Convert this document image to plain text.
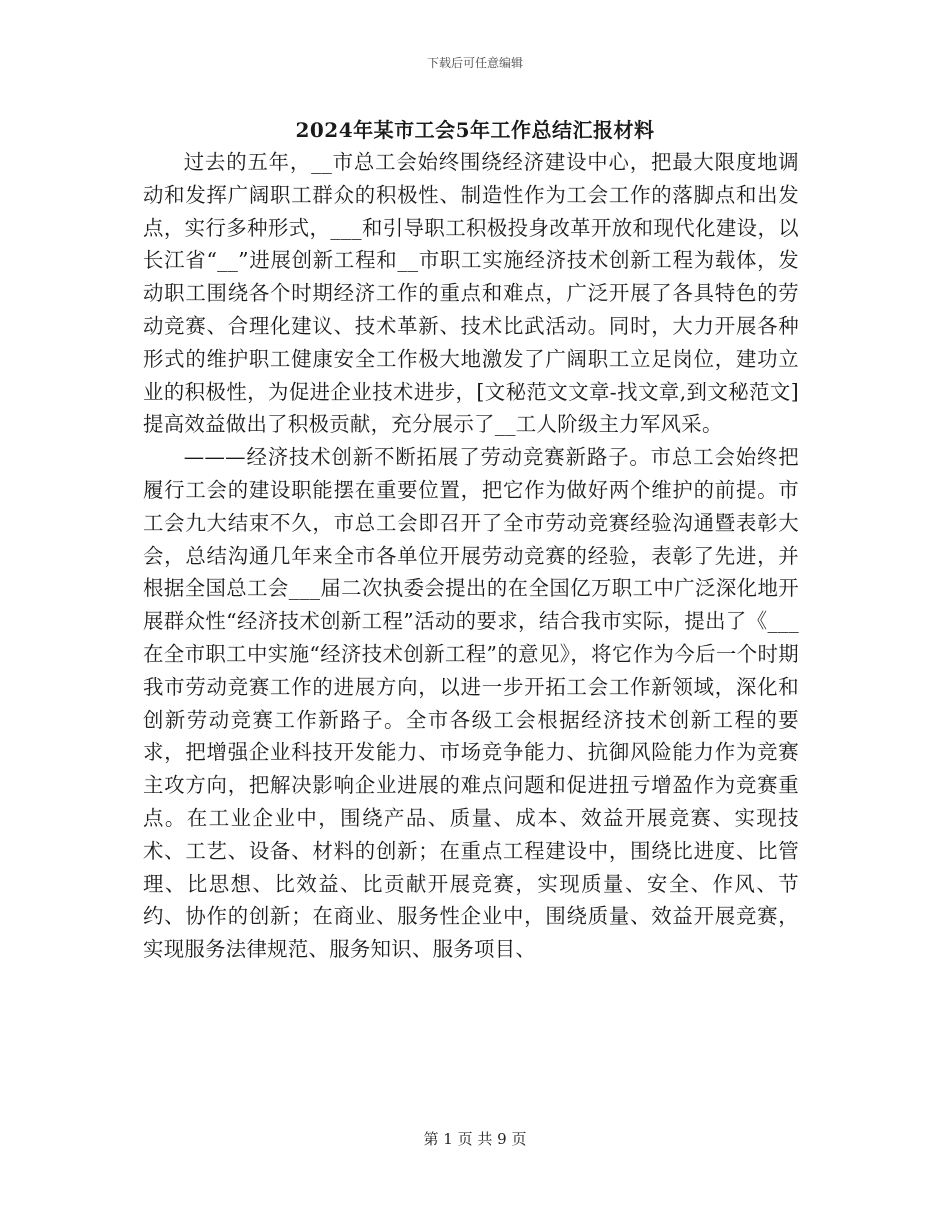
下载后可任意编辑
2024年某市工会5年工作总结汇报材料

过去的五年，__市总工会始终围绕经济建设中心，把最大限度地调动和发挥广阔职工群众的积极性、制造性作为工会工作的落脚点和出发点，实行多种形式，___和引导职工积极投身改革开放和现代化建设，以长江省“__”进展创新工程和__市职工实施经济技术创新工程为载体，发动职工围绕各个时期经济工作的重点和难点，广泛开展了各具特色的劳动竞赛、合理化建议、技术革新、技术比武活动。同时，大力开展各种形式的维护职工健康安全工作极大地激发了广阔职工立足岗位，建功立业的积极性，为促进企业技术进步，[文秘范文文章-找文章,到文秘范文]提高效益做出了积极贡献，充分展示了__工人阶级主力军风采。

———经济技术创新不断拓展了劳动竞赛新路子。市总工会始终把履行工会的建设职能摆在重要位置，把它作为做好两个维护的前提。市工会九大结束不久，市总工会即召开了全市劳动竞赛经验沟通暨表彰大会，总结沟通几年来全市各单位开展劳动竞赛的经验，表彰了先进，并根据全国总工会___届二次执委会提出的在全国亿万职工中广泛深化地开展群众性“经济技术创新工程”活动的要求，结合我市实际，提出了《___在全市职工中实施“经济技术创新工程”的意见》，将它作为今后一个时期我市劳动竞赛工作的进展方向，以进一步开拓工会工作新领域，深化和创新劳动竞赛工作新路子。全市各级工会根据经济技术创新工程的要求，把增强企业科技开发能力、市场竞争能力、抗御风险能力作为竞赛主攻方向，把解决影响企业进展的难点问题和促进扭亏增盈作为竞赛重点。在工业企业中，围绕产品、质量、成本、效益开展竞赛、实现技术、工艺、设备、材料的创新；在重点工程建设中，围绕比进度、比管理、比思想、比效益、比贡献开展竞赛，实现质量、安全、作风、节约、协作的创新；在商业、服务性企业中，围绕质量、效益开展竞赛，实现服务法律规范、服务知识、服务项目、

第 1 页 共 9 页
